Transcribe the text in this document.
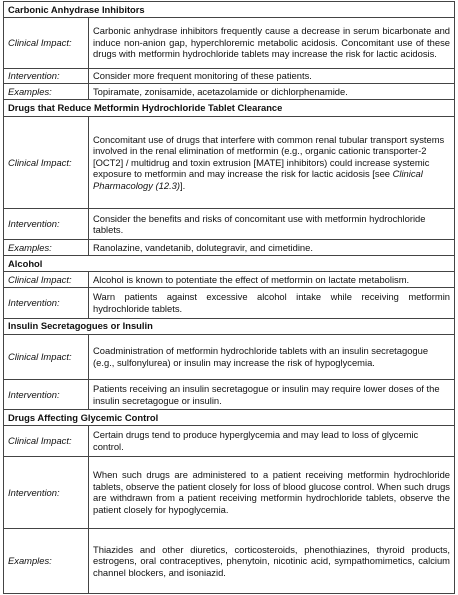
Carbonic Anhydrase Inhibitors	
Clinical Impact:	Carbonic anhydrase inhibitors frequently cause a decrease in serum bicarbonate and induce non-anion gap, hyperchloremic metabolic acidosis. Concomitant use of these drugs with metformin hydrochloride tablets may increase the risk for lactic acidosis.
Intervention:	Consider more frequent monitoring of these patients.
Examples:	Topiramate, zonisamide, acetazolamide or dichlorphenamide.
Drugs that Reduce Metformin Hydrochloride Tablet Clearance	
Clinical Impact:	Concomitant use of drugs that interfere with common renal tubular transport systems involved in the renal elimination of metformin (e.g., organic cationic transporter-2 [OCT2] / multidrug and toxin extrusion [MATE] inhibitors) could increase systemic exposure to metformin and may increase the risk for lactic acidosis [see Clinical Pharmacology (12.3)].
Intervention:	Consider the benefits and risks of concomitant use with metformin hydrochloride tablets.
Examples:	Ranolazine, vandetanib, dolutegravir, and cimetidine.
Alcohol	
Clinical Impact:	Alcohol is known to potentiate the effect of metformin on lactate metabolism.
Intervention:	Warn patients against excessive alcohol intake while receiving metformin hydrochloride tablets.
Insulin Secretagogues or Insulin	
Clinical Impact:	Coadministration of metformin hydrochloride tablets with an insulin secretagogue (e.g., sulfonylurea) or insulin may increase the risk of hypoglycemia.
Intervention:	Patients receiving an insulin secretagogue or insulin may require lower doses of the insulin secretagogue or insulin.
Drugs Affecting Glycemic Control	
Clinical Impact:	Certain drugs tend to produce hyperglycemia and may lead to loss of glycemic control.
Intervention:	When such drugs are administered to a patient receiving metformin hydrochloride tablets, observe the patient closely for loss of blood glucose control. When such drugs are withdrawn from a patient receiving metformin hydrochloride tablets, observe the patient closely for hypoglycemia.
Examples:	Thiazides and other diuretics, corticosteroids, phenothiazines, thyroid products, estrogens, oral contraceptives, phenytoin, nicotinic acid, sympathomimetics, calcium channel blockers, and isoniazid.
